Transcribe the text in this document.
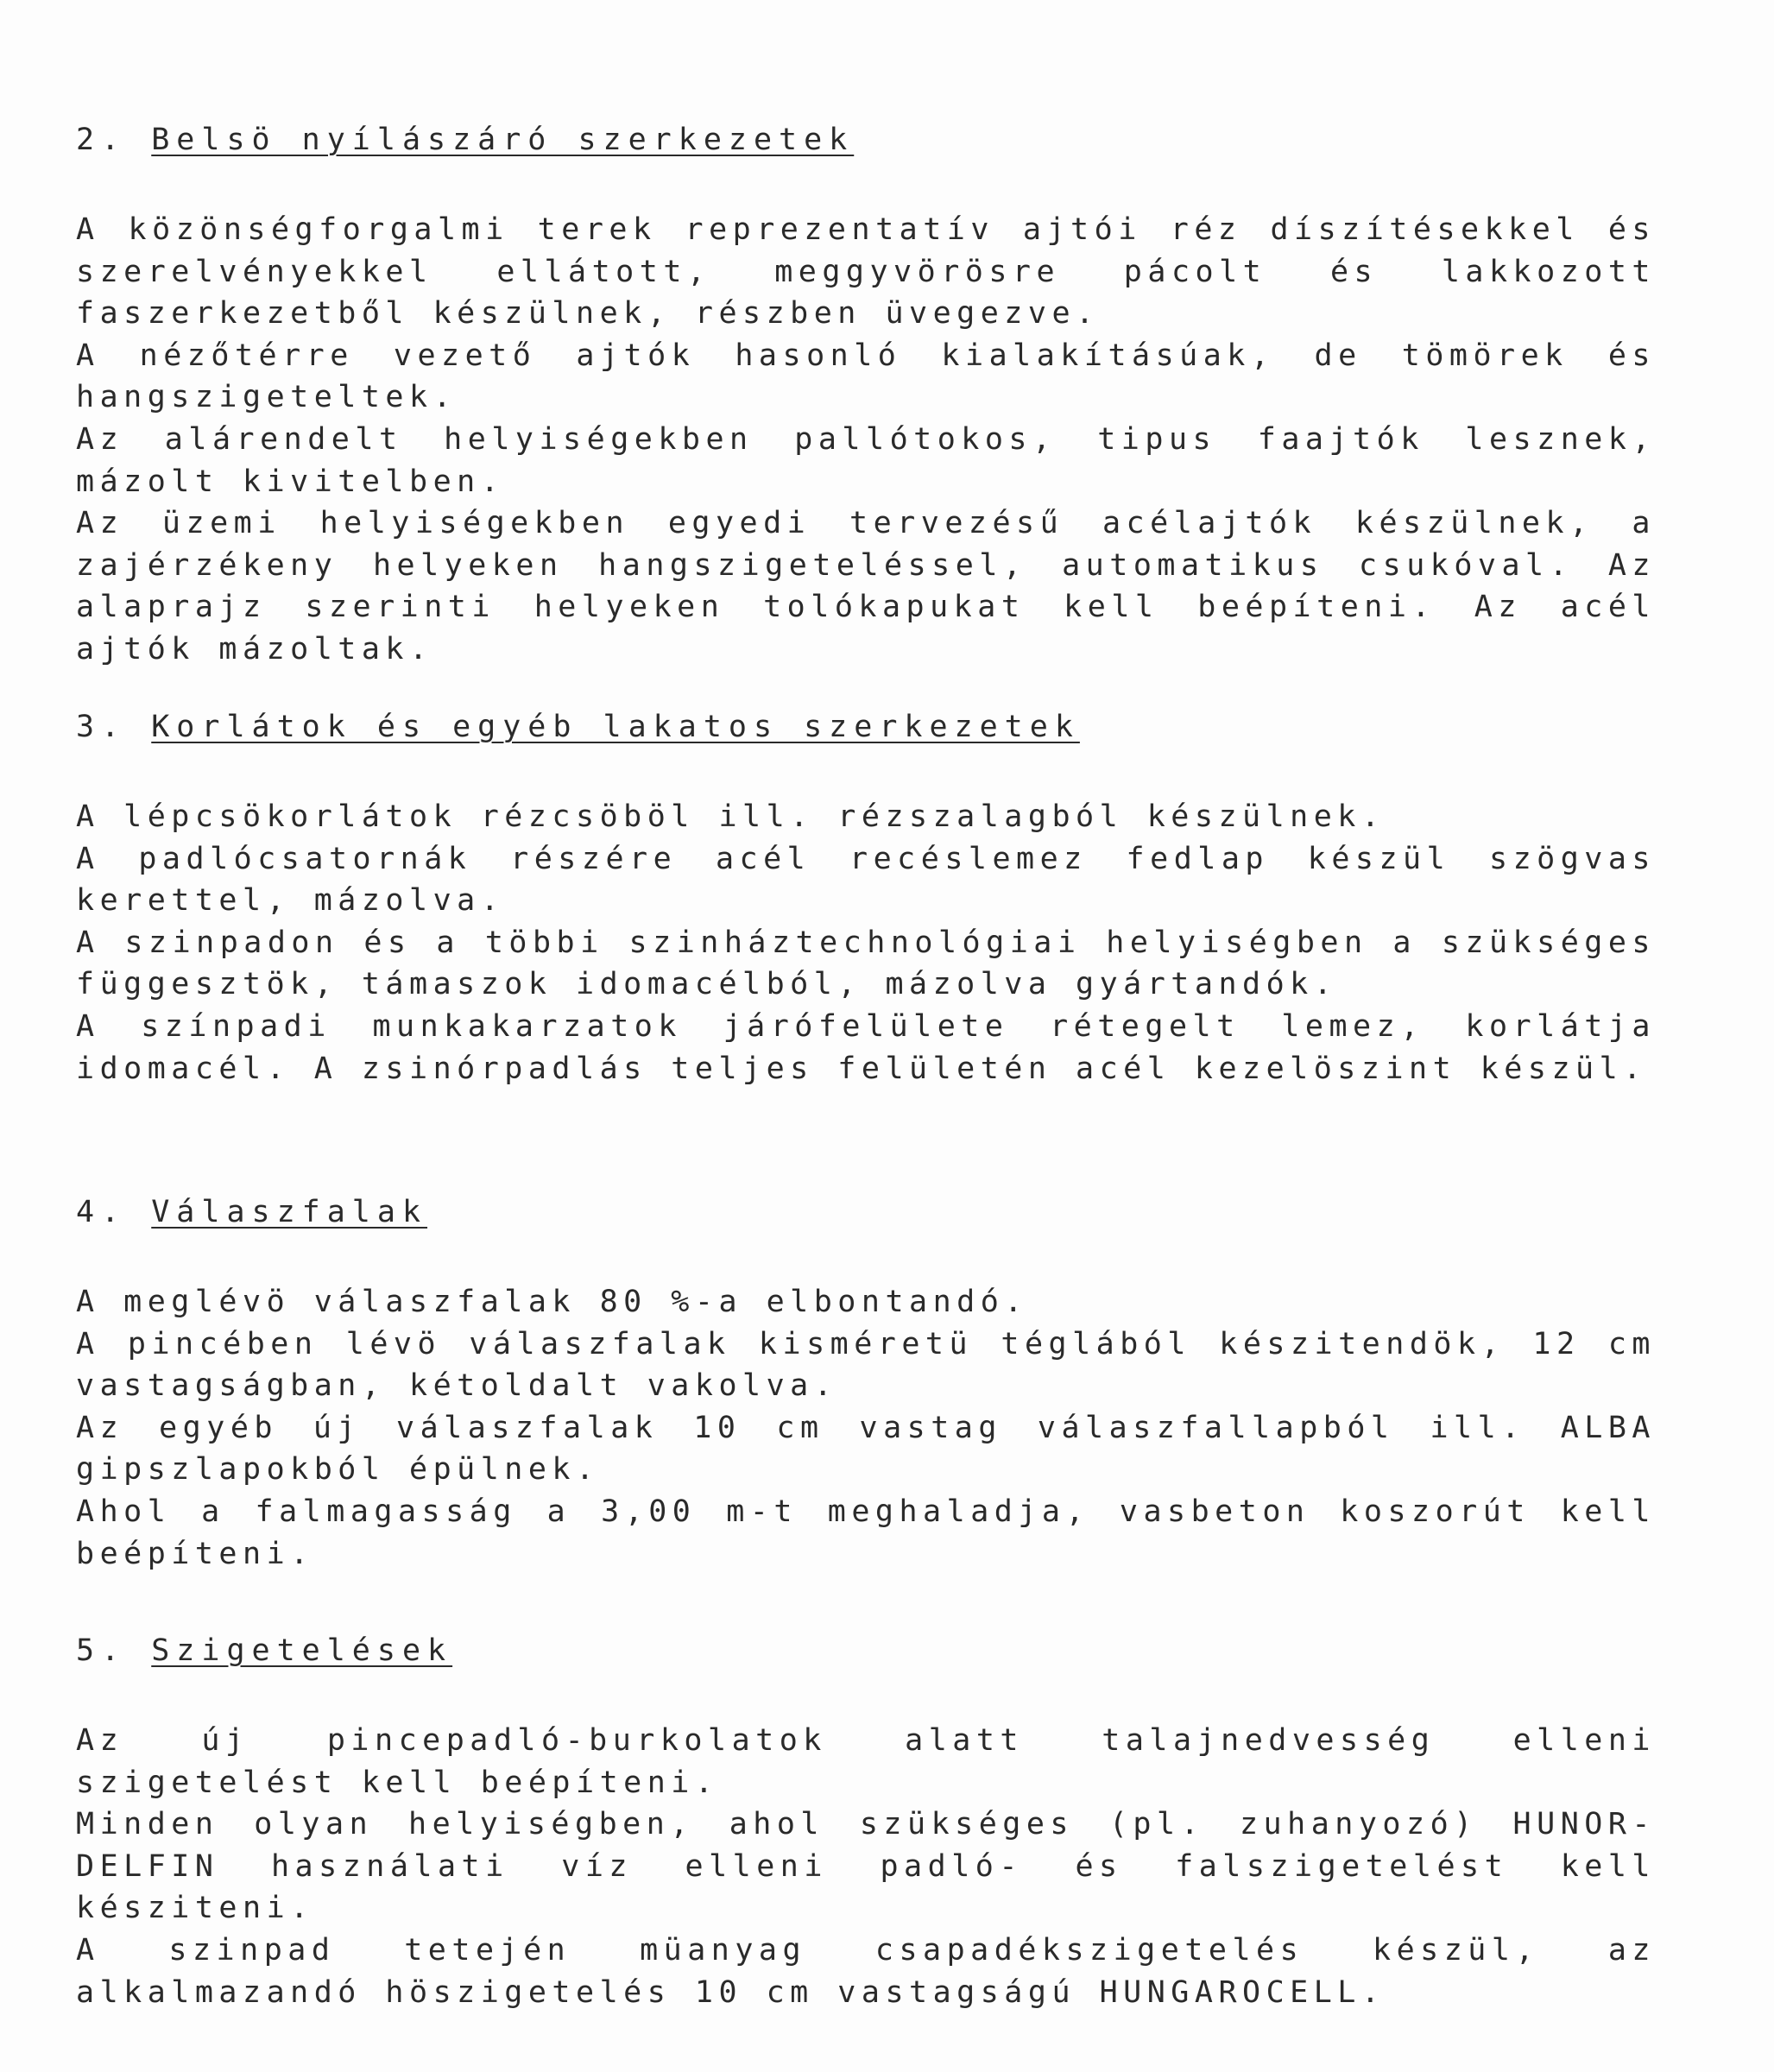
2. Belsö nyílászáró szerkezetek

A közönségforgalmi terek reprezentatív ajtói réz díszítésekkel és szerelvényekkel ellátott, meggyvörösre pácolt és lakkozott faszerkezetből készülnek, részben üvegezve.

A nézőtérre vezető ajtók hasonló kialakításúak, de tömörek és hangszigeteltek.

Az alárendelt helyiségekben pallótokos, tipus faajtók lesznek, mázolt kivitelben.

Az üzemi helyiségekben egyedi tervezésű acélajtók készülnek, a zajérzékeny helyeken hangszigeteléssel, automatikus csukóval. Az alaprajz szerinti helyeken tolókapukat kell beépíteni. Az acél ajtók mázoltak.

3. Korlátok és egyéb lakatos szerkezetek

A lépcsökorlátok rézcsöböl ill. rézszalagból készülnek.

A padlócsatornák részére acél recéslemez fedlap készül szögvas kerettel, mázolva.

A szinpadon és a többi szinháztechnológiai helyiségben a szükséges függesztök, támaszok idomacélból, mázolva gyártandók.

A színpadi munkakarzatok járófelülete rétegelt lemez, korlátja idomacél. A zsinórpadlás teljes felületén acél kezelöszint készül.

4. Válaszfalak

A meglévö válaszfalak 80 %-a elbontandó.

A pincében lévö válaszfalak kisméretü téglából készitendök, 12 cm vastagságban, kétoldalt vakolva.

Az egyéb új válaszfalak 10 cm vastag válaszfallapból ill. ALBA gipszlapokból épülnek.

Ahol a falmagasság a 3,00 m-t meghaladja, vasbeton koszorút kell beépíteni.

5. Szigetelések

Az új pincepadló-burkolatok alatt talajnedvesség elleni szigetelést kell beépíteni.

Minden olyan helyiségben, ahol szükséges (pl. zuhanyozó) HUNOR-DELFIN használati víz elleni padló- és falszigetelést kell késziteni.

A szinpad tetején müanyag csapadékszigetelés készül, az alkalmazandó höszigetelés 10 cm vastagságú HUNGAROCELL.
